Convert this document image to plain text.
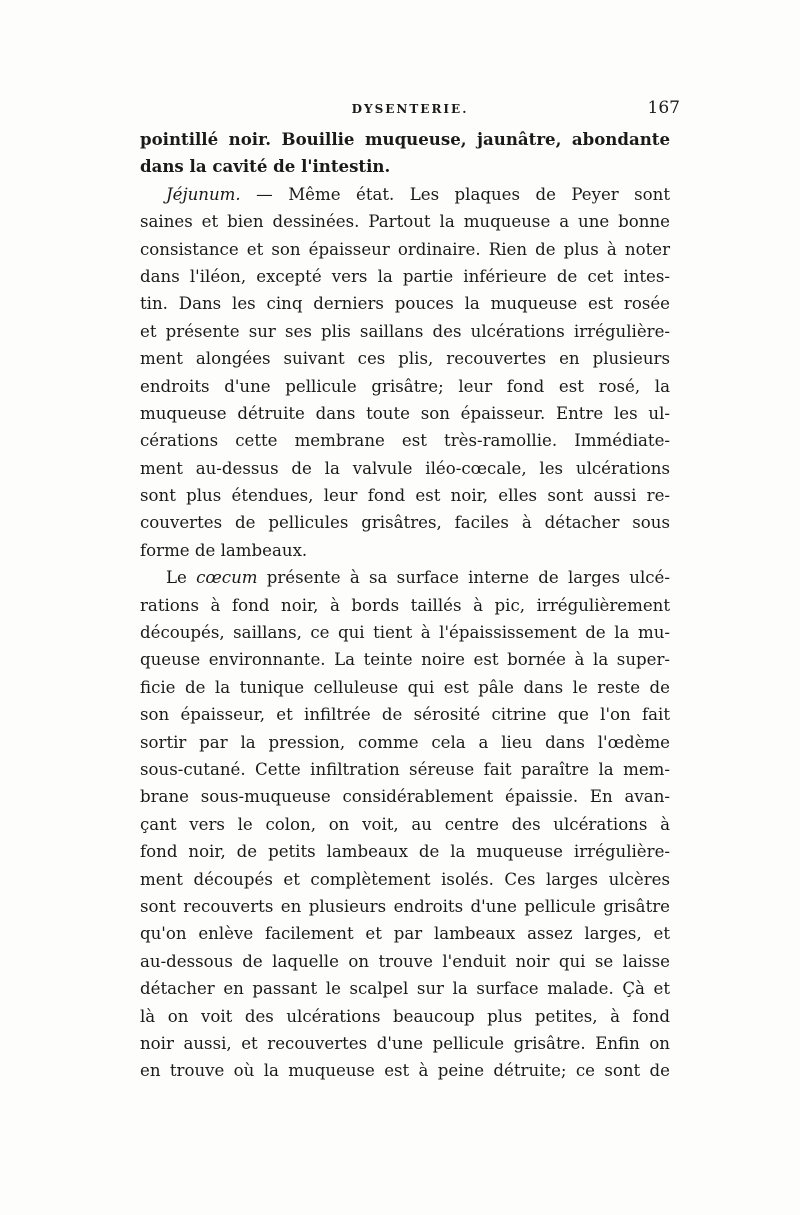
DYSENTERIE.	167
pointillé noir. Bouillie muqueuse, jaunâtre, abondante
dans la cavité de l'intestin.
Jéjunum. — Même état. Les plaques de Peyer sont
saines et bien dessinées. Partout la muqueuse a une bonne
consistance et son épaisseur ordinaire. Rien de plus à noter
dans l'iléon, excepté vers la partie inférieure de cet intes-
tin. Dans les cinq derniers pouces la muqueuse est rosée
et présente sur ses plis saillans des ulcérations irrégulière-
ment alongées suivant ces plis, recouvertes en plusieurs
endroits d'une pellicule grisâtre; leur fond est rosé, la
muqueuse détruite dans toute son épaisseur. Entre les ul-
cérations cette membrane est très-ramollie. Immédiate-
ment au-dessus de la valvule iléo-cœcale, les ulcérations
sont plus étendues, leur fond est noir, elles sont aussi re-
couvertes de pellicules grisâtres, faciles à détacher sous
forme de lambeaux.
Le cœcum présente à sa surface interne de larges ulcé-
rations à fond noir, à bords taillés à pic, irrégulièrement
découpés, saillans, ce qui tient à l'épaississement de la mu-
queuse environnante. La teinte noire est bornée à la super-
ficie de la tunique celluleuse qui est pâle dans le reste de
son épaisseur, et infiltrée de sérosité citrine que l'on fait
sortir par la pression, comme cela a lieu dans l'œdème
sous-cutané. Cette infiltration séreuse fait paraître la mem-
brane sous-muqueuse considérablement épaissie. En avan-
çant vers le colon, on voit, au centre des ulcérations à
fond noir, de petits lambeaux de la muqueuse irrégulière-
ment découpés et complètement isolés. Ces larges ulcères
sont recouverts en plusieurs endroits d'une pellicule grisâtre
qu'on enlève facilement et par lambeaux assez larges, et
au-dessous de laquelle on trouve l'enduit noir qui se laisse
détacher en passant le scalpel sur la surface malade. Çà et
là on voit des ulcérations beaucoup plus petites, à fond
noir aussi, et recouvertes d'une pellicule grisâtre. Enfin on
en trouve où la muqueuse est à peine détruite; ce sont de
